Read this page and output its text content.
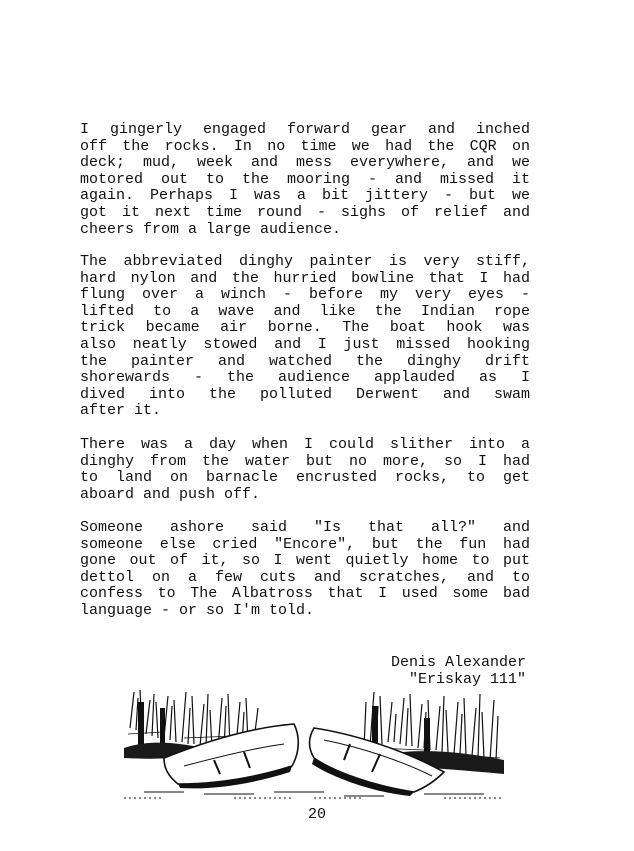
I gingerly engaged forward gear and inched
off the rocks. In no time we had the CQR on
deck; mud, week and mess everywhere, and we
motored out to the mooring - and missed it
again. Perhaps I was a bit jittery - but we
got it next time round - sighs of relief and
cheers from a large audience.

The abbreviated dinghy painter is very stiff,
hard nylon and the hurried bowline that I had
flung over a winch - before my very eyes -
lifted to a wave and like the Indian rope
trick became air borne. The boat hook was
also neatly stowed and I just missed hooking
the painter and watched the dinghy drift
shorewards - the audience applauded as I
dived into the polluted Derwent and swam
after it.

There was a day when I could slither into a
dinghy from the water but no more, so I had
to land on barnacle encrusted rocks, to get
aboard and push off.

Someone ashore said "Is that all?" and
someone else cried "Encore", but the fun had
gone out of it, so I went quietly home to put
dettol on a few cuts and scratches, and to
confess to The Albatross that I used some bad
language - or so I'm told.

Denis Alexander
"Eriskay 111"
20
